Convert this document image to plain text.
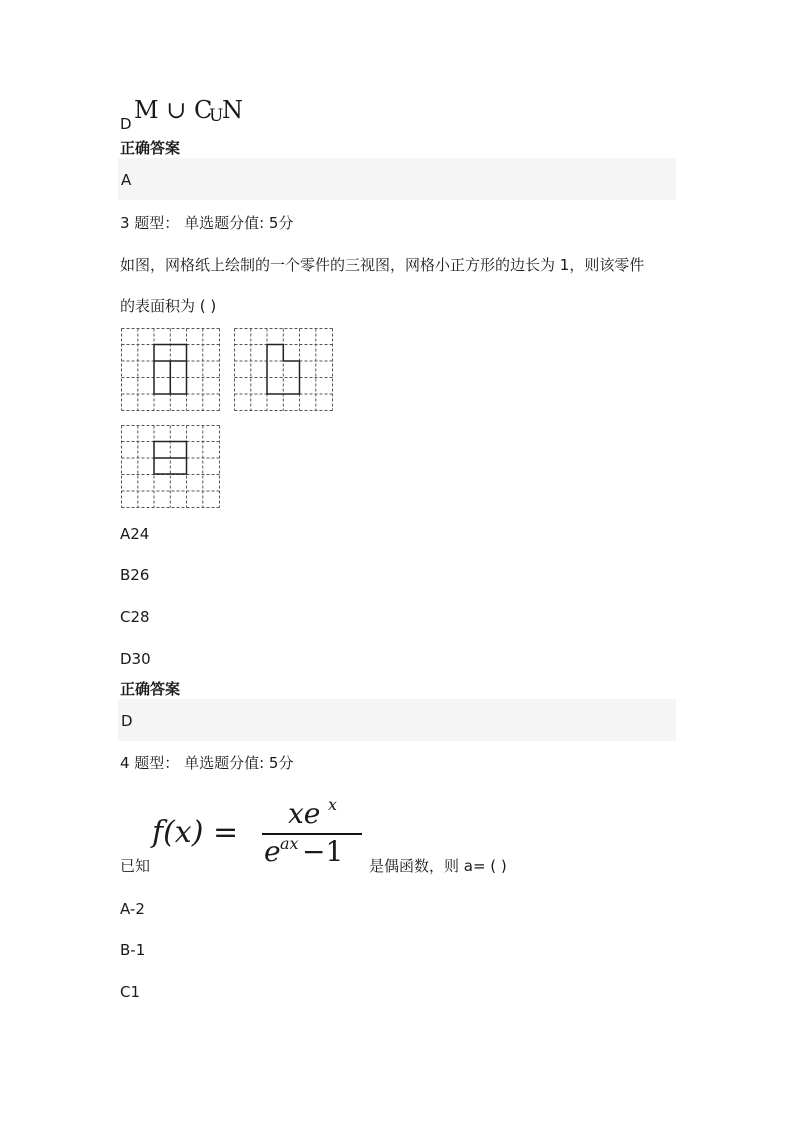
D M ∪ C
U
N
正确答案
A
3 题型： 单选题分值: 5分
如图，网格纸上绘制的一个零件的三视图，网格小正方形的边长为 1，则该零件
的表面积为 ( )
A24
B26
C28
D30
正确答案
D
4 题型： 单选题分值: 5分
已知
f(x) =
xe x
e ax −1 是偶函数，则 a= ( )
A-2
B-1
C1
